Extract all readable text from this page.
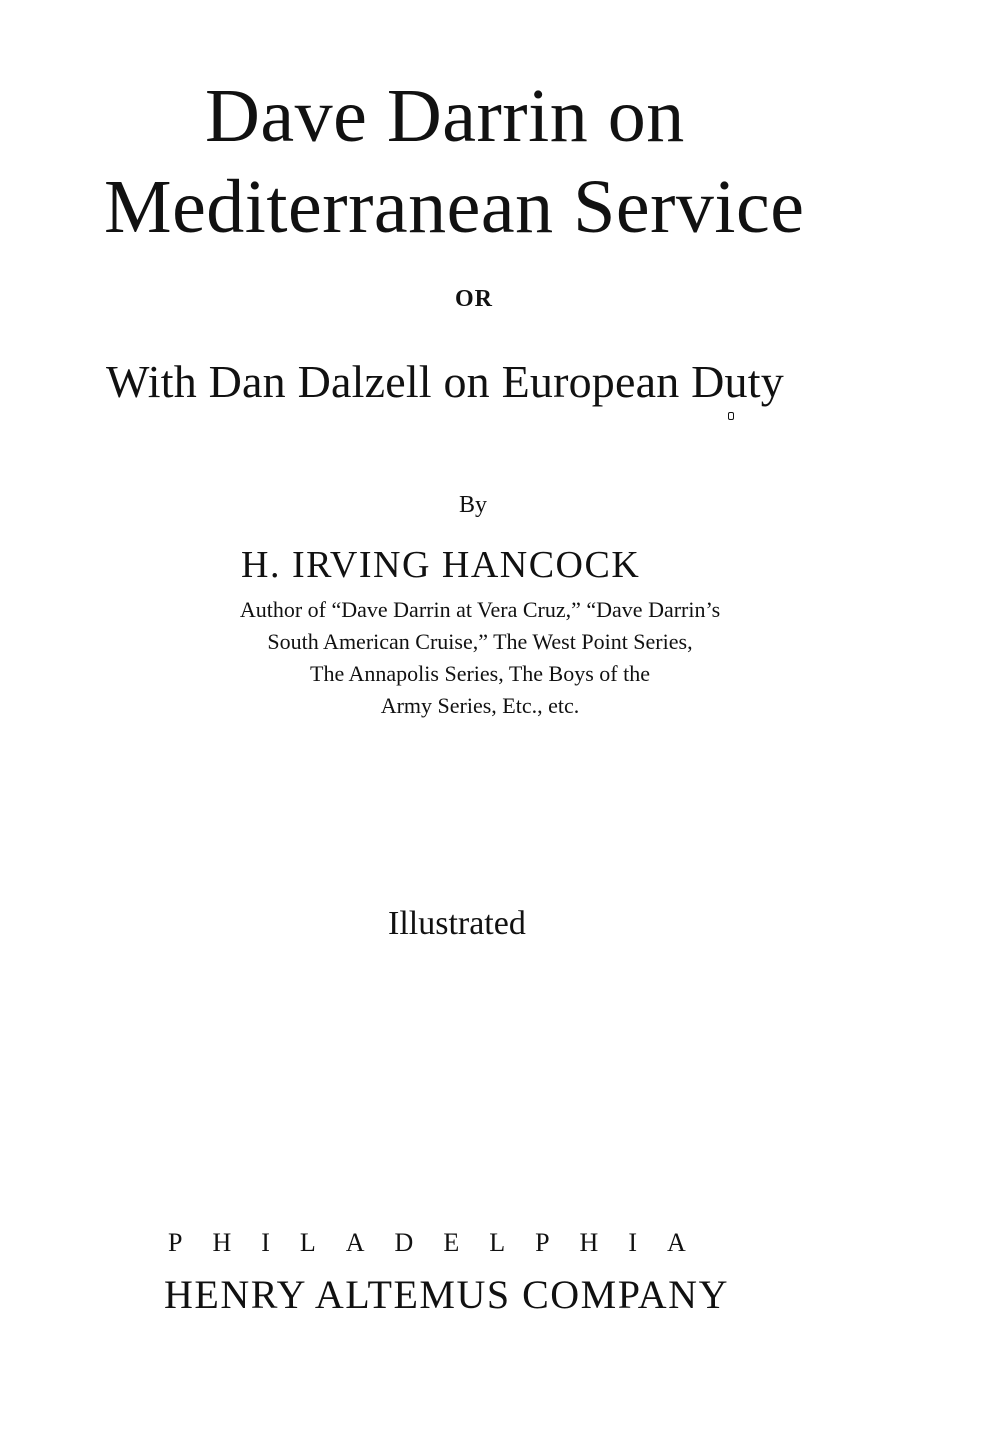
Dave Darrin on
Mediterranean Service
OR
With Dan Dalzell on European Duty
By
H. IRVING HANCOCK
Author of “Dave Darrin at Vera Cruz,” “Dave Darrin’s
South American Cruise,” The West Point Series,
The Annapolis Series, The Boys of the
Army Series, Etc., etc.
Illustrated
PHILADELPHIA
HENRY ALTEMUS COMPANY
